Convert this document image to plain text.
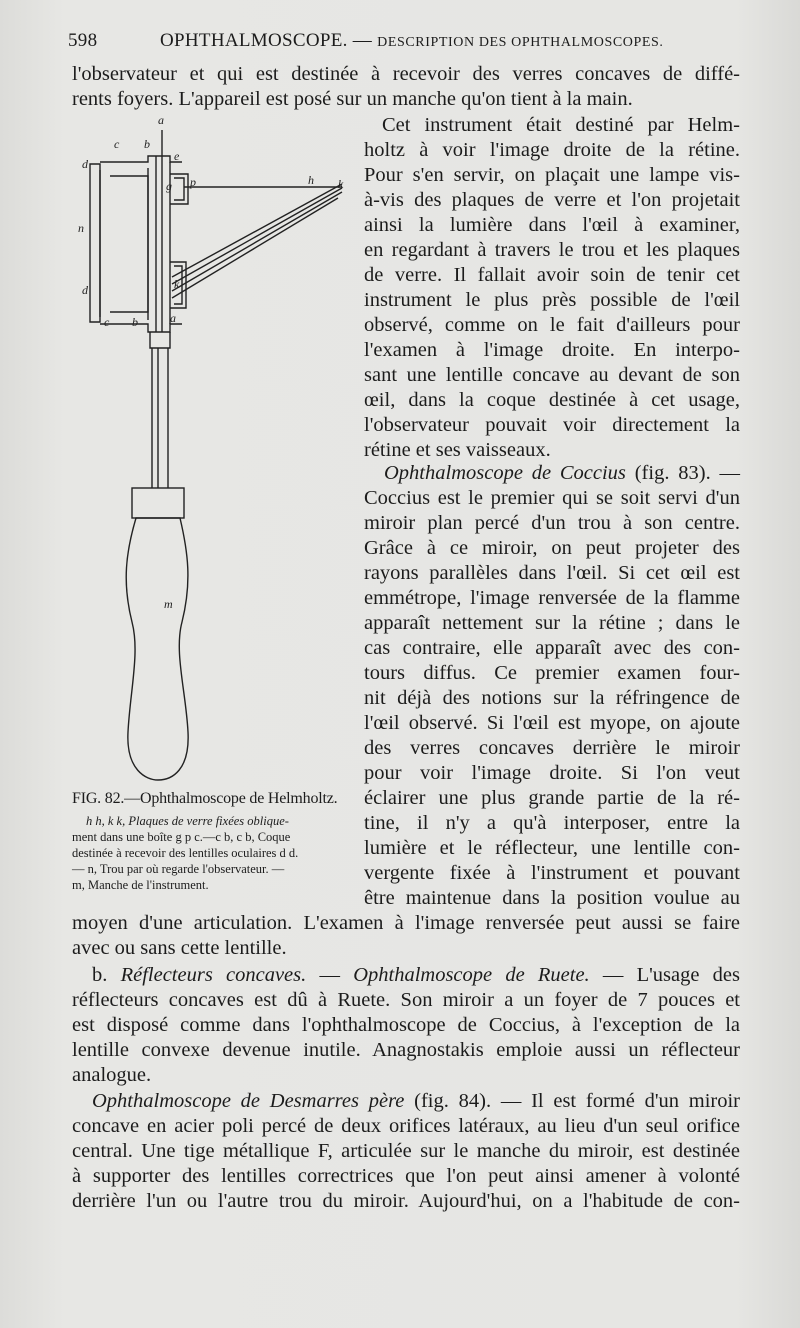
598	OPHTHALMOSCOPE. — DESCRIPTION DES OPHTHALMOSCOPES.
l'observateur et qui est destinée à recevoir des verres concaves de diffé-
rents foyers. L'appareil est posé sur un manche qu'on tient à la main.
Cet instrument était destiné par Helm-
holtz à voir l'image droite de la rétine.
Pour s'en servir, on plaçait une lampe vis-
à-vis des plaques de verre et l'on projetait
ainsi la lumière dans l'œil à examiner,
en regardant à travers le trou et les plaques
de verre. Il fallait avoir soin de tenir cet
instrument le plus près possible de l'œil
observé, comme on le fait d'ailleurs pour
l'examen à l'image droite. En interpo-
sant une lentille concave au devant de son
œil, dans la coque destinée à cet usage,
l'observateur pouvait voir directement la
rétine et ses vaisseaux.
Ophthalmoscope de Coccius (fig. 83). —
Coccius est le premier qui se soit servi d'un
miroir plan percé d'un trou à son centre.
Grâce à ce miroir, on peut projeter des
rayons parallèles dans l'œil. Si cet œil est
emmétrope, l'image renversée de la flamme
apparaît nettement sur la rétine ; dans le
cas contraire, elle apparaît avec des con-
tours diffus. Ce premier examen four-
nit déjà des notions sur la réfringence de
l'œil observé. Si l'œil est myope, on ajoute
des verres concaves derrière le miroir
pour voir l'image droite. Si l'on veut
éclairer une plus grande partie de la ré-
tine, il n'y a qu'à interposer, entre la
lumière et le réflecteur, une lentille con-
vergente fixée à l'instrument et pouvant
être maintenue dans la position voulue au
moyen d'une articulation. L'examen à l'image renversée peut aussi se faire
avec ou sans cette lentille.
b. Réflecteurs concaves. — Ophthalmoscope de Ruete. — L'usage des
réflecteurs concaves est dû à Ruete. Son miroir a un foyer de 7 pouces et
est disposé comme dans l'ophthalmoscope de Coccius, à l'exception de la
lentille convexe devenue inutile. Anagnostakis emploie aussi un réflecteur
analogue.
Ophthalmoscope de Desmarres père (fig. 84). — Il est formé d'un miroir
concave en acier poli percé de deux orifices latéraux, au lieu d'un seul orifice
central. Une tige métallique F, articulée sur le manche du miroir, est destinée
à supporter des lentilles correctrices que l'on peut ainsi amener à volonté
derrière l'un ou l'autre trou du miroir. Aujourd'hui, on a l'habitude de con-
a
b
c
d
e
g p	h k
n
k
d
c b	a
m
FIG. 82.—Ophthalmoscope de Helmholtz.
h h, k k, Plaques de verre fixées oblique-
ment dans une boîte g p c.—c b, c b, Coque
destinée à recevoir des lentilles oculaires d d.
— n, Trou par où regarde l'observateur. —
m, Manche de l'instrument.
